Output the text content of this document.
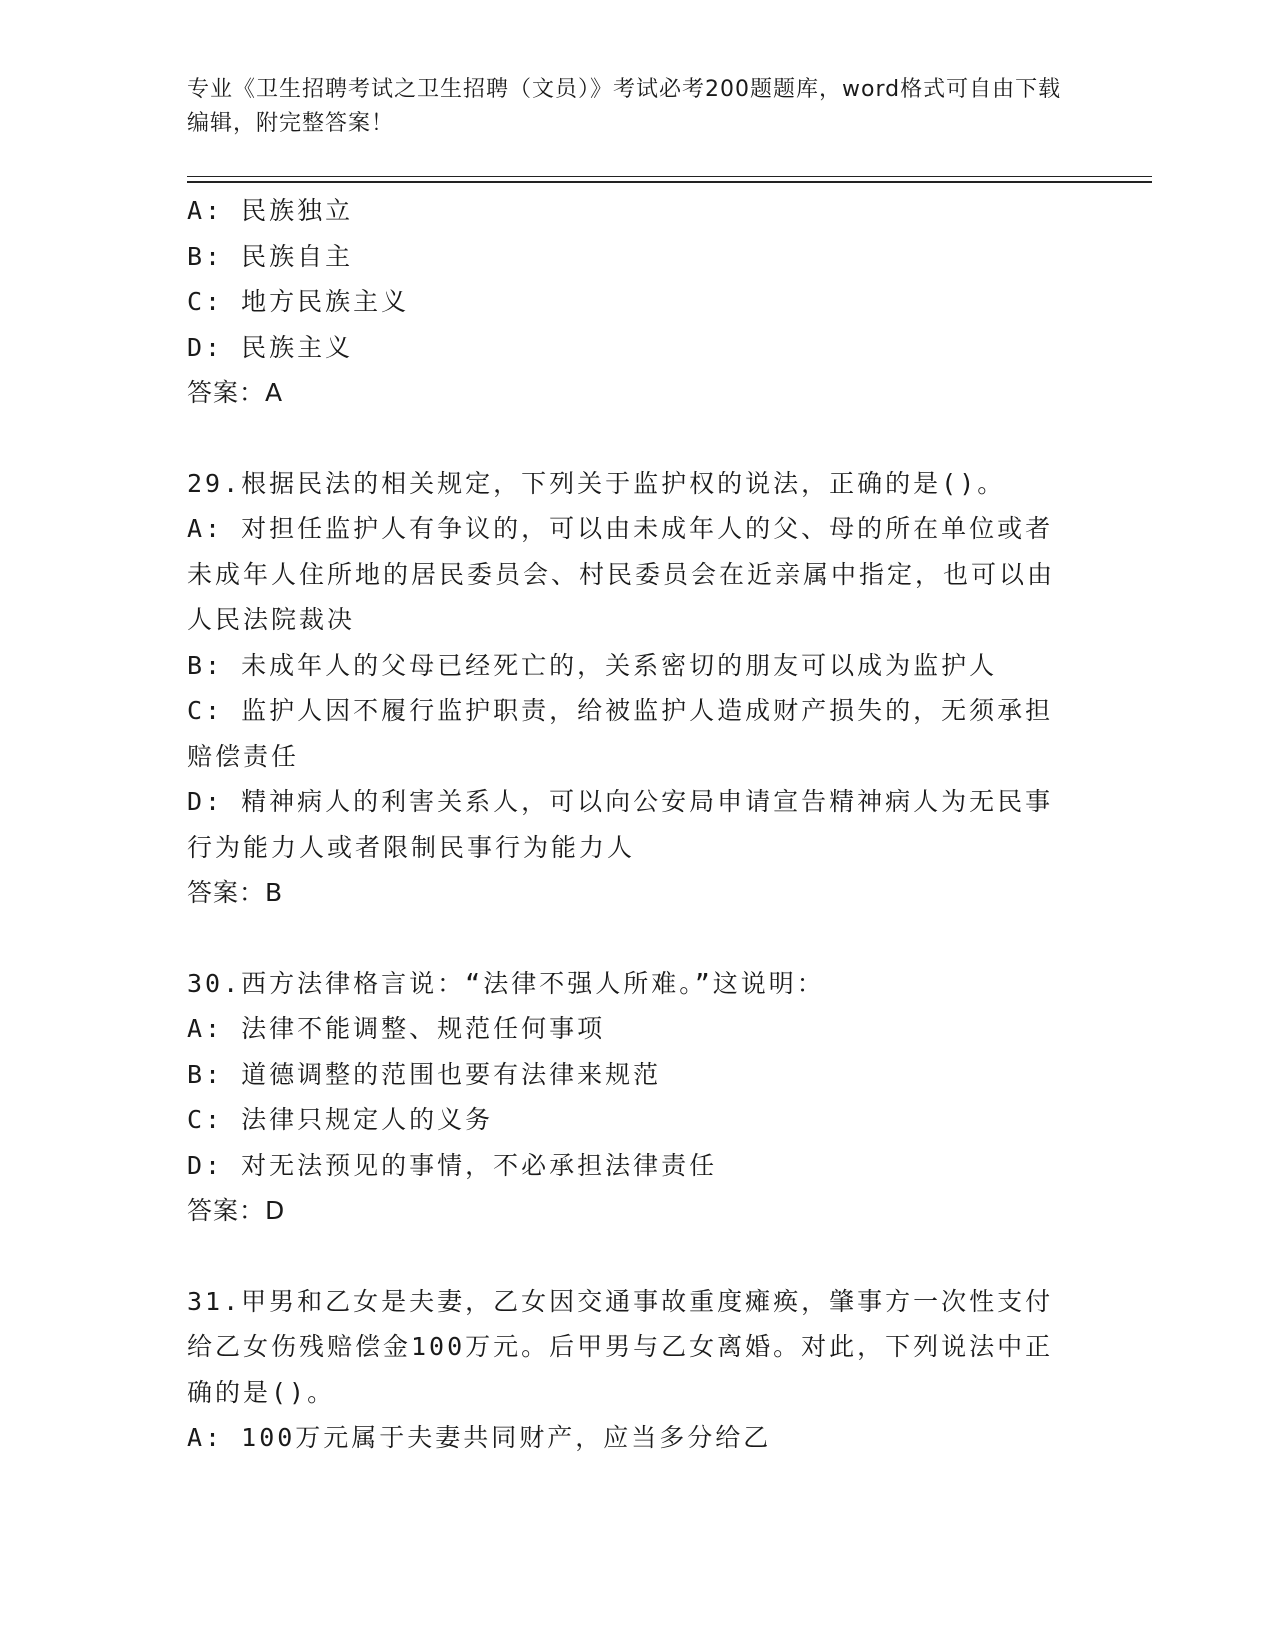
专业《卫生招聘考试之卫生招聘（文员）》考试必考200题题库，word格式可自由下载编辑，附完整答案！

A: 民族独立

B: 民族自主

C: 地方民族主义

D: 民族主义

答案：A

29.根据民法的相关规定，下列关于监护权的说法，正确的是()。

A: 对担任监护人有争议的，可以由未成年人的父、母的所在单位或者未成年人住所地的居民委员会、村民委员会在近亲属中指定，也可以由人民法院裁决

B: 未成年人的父母已经死亡的，关系密切的朋友可以成为监护人

C: 监护人因不履行监护职责，给被监护人造成财产损失的，无须承担赔偿责任

D: 精神病人的利害关系人，可以向公安局申请宣告精神病人为无民事行为能力人或者限制民事行为能力人

答案：B

30.西方法律格言说：“法律不强人所难。”这说明：

A: 法律不能调整、规范任何事项

B: 道德调整的范围也要有法律来规范

C: 法律只规定人的义务

D: 对无法预见的事情，不必承担法律责任

答案：D

31.甲男和乙女是夫妻，乙女因交通事故重度瘫痪，肇事方一次性支付给乙女伤残赔偿金100万元。后甲男与乙女离婚。对此，下列说法中正确的是()。

A: 100万元属于夫妻共同财产，应当多分给乙
